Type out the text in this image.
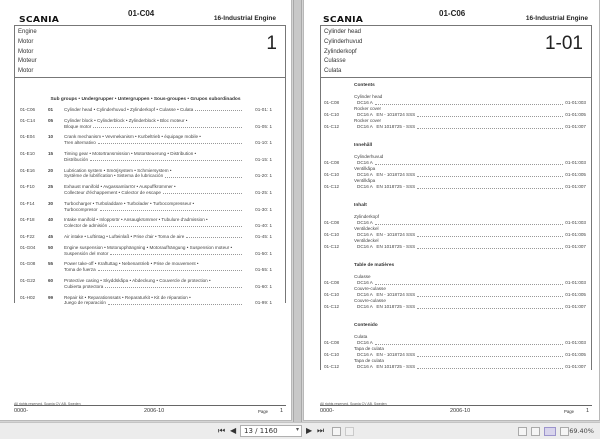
SCANIA
01-C04
16-Industrial Engine
Engine
Motor
Motor
Moteur
Motor
1
Sub groups • Undergrupper • Untergruppen • Sous-groupes • Grupos subordinados
01-C06	01 Cylinder head • Cylinderhuvud • Zylinderkopf • Culasse • Culata	01-01: 1
01-C14	05 Cylinder block • Cylinderblock • Zylinderblock • Bloc moteur •
Bloque motor	01-05: 1
01-E04	10 Crank mechanism • Vevmekanism • Kurbeltrieb • équipage mobile •
Tren alternativo	01-10: 1
01-E10	15 Timing gear • Motortransmission • Motorsteuerung • Distribution •
Distribución	01-15: 1
01-E16	20 Lubrication system • Smörjsystem • Schmiersystem •
Système de lubrification • Sistema de lubricación	01-20: 1
01-F10	25 Exhaust manifold • Avgassamlarrör • Auspuffkrümmer •
Collecteur d'échappement • Colector de escape	01-25: 1
01-F14	30 Turbocharger • Turboladdare • Turbolader • Turbocompresseur •
Turbocompresor	01-30: 1
01-F18	40 Intake manifold • Inloppsrör • Ansaugkrümmer • Tubulure d'admission •
Colector de admisión	01-40: 1
01-F22	45 Air intake • Luftintag • Lufteinlaß • Prise d'air • Toma de aire	01-45: 1
01-G04	50 Engine suspension • Motorupphängning • Motoraufhängung • Suspension moteur •
Suspensión del motor	01-50: 1
01-G08	55 Power take-off • Kraftuttag • Nebenantrieb • Prise de mouvement •
Toma de fuerza	01-55: 1
01-G22	60 Protective casing • Skyddskåpa • Abdeckung • Couvercle de protection •
Cubierta protectora	01-60: 1
01-H02	99 Repair kit • Reparationssats • Reparaturkit • Kit de réparation •
Juego de reparación	01-99: 1
All rights reserved, Scania CV AB, Sweden
0000-	2006-10	Page 1
SCANIA
01-C06
16-Industrial Engine
Cylinder head
Cylinderhuvud
Zylinderkopf
Culasse
Culata
1-01
Contents
01-C08
Cylinder head
DC16 A	01-01:003
01-C10
Rocker cover
DC16 A   EN - 1018724 SSS	01-01:005
01-C12
Rocker cover
DC16 A   EN 1018725 - SSS	01-01:007
Innehåll
01-C08
Cylinderhuvud
DC16 A	01-01:003
01-C10
Ventilkåpa
DC16 A   EN - 1018724 SSS	01-01:005
01-C12
Ventilkåpa
DC16 A   EN 1018725 - SSS	01-01:007
Inhalt
01-C08
Zylinderkopf
DC16 A	01-01:003
01-C10
Ventildeckel
DC16 A   EN - 1018724 SSS	01-01:005
01-C12
Ventildeckel
DC16 A   EN 1018725 - SSS	01-01:007
Table de matières
01-C08
Culasse
DC16 A	01-01:003
01-C10
Couvre-culasse
DC16 A   EN - 1018724 SSS	01-01:005
01-C12
Couvre-culasse
DC16 A   EN 1018725 - SSS	01-01:007
Contenido
01-C08
Culata
DC16 A	01-01:003
01-C10
Tapa de culata
DC16 A   EN - 1018724 SSS	01-01:005
01-C12
Tapa de culata
DC16 A   EN 1018725 - SSS	01-01:007
All rights reserved, Scania CV AB, Sweden
0000-	2006-10	Page 1
⏮ ◀	13 / 1160	▾ ▶ ⏭	69.40%
